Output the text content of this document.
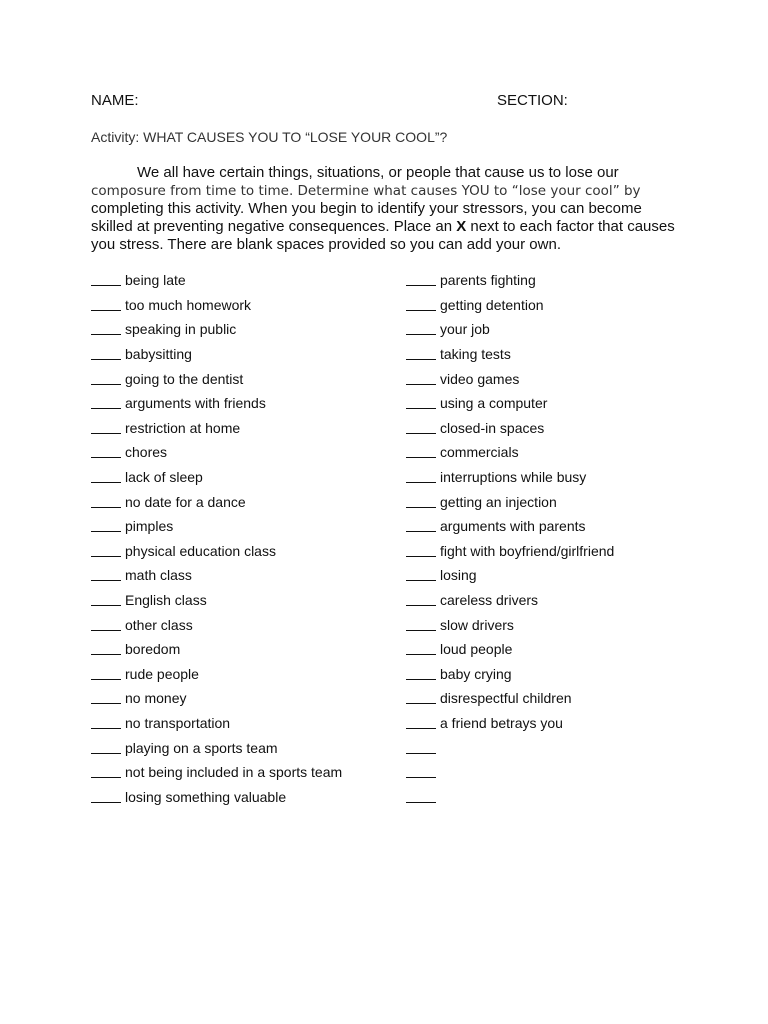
NAME:	SECTION:
Activity: WHAT CAUSES YOU TO “LOSE YOUR COOL”?
We all have certain things, situations, or people that cause us to lose our
composure from time to time. Determine what causes YOU to “lose your cool” by
completing this activity. When you begin to identify your stressors, you can become
skilled at preventing negative consequences. Place an X next to each factor that causes
you stress. There are blank spaces provided so you can add your own.
being late
too much homework
speaking in public
babysitting
going to the dentist
arguments with friends
restriction at home
chores
lack of sleep
no date for a dance
pimples
physical education class
math class
English class
other class
boredom
rude people
no money
no transportation
playing on a sports team
not being included in a sports team
losing something valuable
parents fighting
getting detention
your job
taking tests
video games
using a computer
closed-in spaces
commercials
interruptions while busy
getting an injection
arguments with parents
fight with boyfriend/girlfriend
losing
careless drivers
slow drivers
loud people
baby crying
disrespectful children
a friend betrays you
